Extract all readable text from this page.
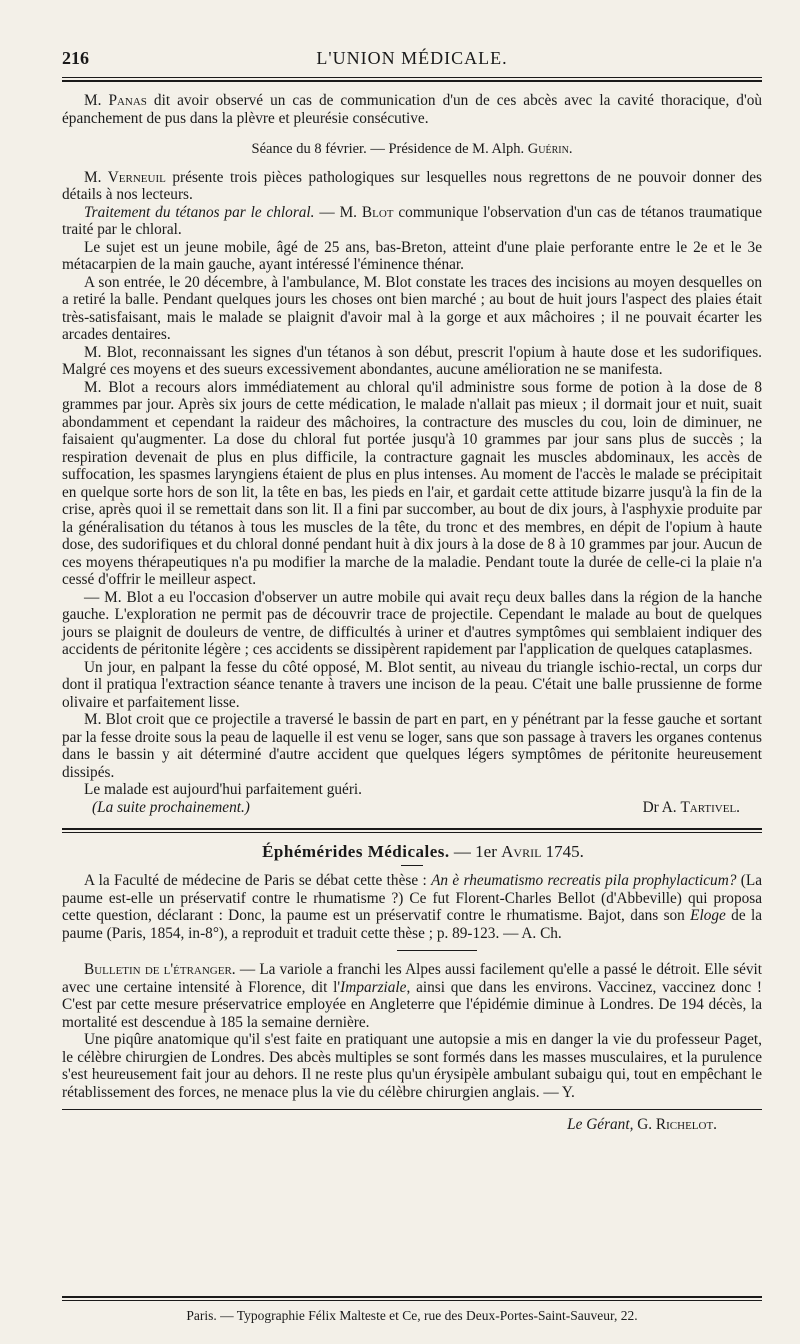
216	L'UNION MÉDICALE.

M. Panas dit avoir observé un cas de communication d'un de ces abcès avec la cavité thoracique, d'où épanchement de pus dans la plèvre et pleurésie consécutive.

Séance du 8 février. — Présidence de M. Alph. Guérin.

M. Verneuil présente trois pièces pathologiques sur lesquelles nous regrettons de ne pouvoir donner des détails à nos lecteurs.

Traitement du tétanos par le chloral. — M. Blot communique l'observation d'un cas de tétanos traumatique traité par le chloral.

Le sujet est un jeune mobile, âgé de 25 ans, bas-Breton, atteint d'une plaie perforante entre le 2e et le 3e métacarpien de la main gauche, ayant intéressé l'éminence thénar.

A son entrée, le 20 décembre, à l'ambulance, M. Blot constate les traces des incisions au moyen desquelles on a retiré la balle. Pendant quelques jours les choses ont bien marché ; au bout de huit jours l'aspect des plaies était très-satisfaisant, mais le malade se plaignit d'avoir mal à la gorge et aux mâchoires ; il ne pouvait écarter les arcades dentaires.

M. Blot, reconnaissant les signes d'un tétanos à son début, prescrit l'opium à haute dose et les sudorifiques. Malgré ces moyens et des sueurs excessivement abondantes, aucune amélioration ne se manifesta.

M. Blot a recours alors immédiatement au chloral qu'il administre sous forme de potion à la dose de 8 grammes par jour. Après six jours de cette médication, le malade n'allait pas mieux ; il dormait jour et nuit, suait abondamment et cependant la raideur des mâchoires, la contracture des muscles du cou, loin de diminuer, ne faisaient qu'augmenter. La dose du chloral fut portée jusqu'à 10 grammes par jour sans plus de succès ; la respiration devenait de plus en plus difficile, la contracture gagnait les muscles abdominaux, les accès de suffocation, les spasmes laryngiens étaient de plus en plus intenses. Au moment de l'accès le malade se précipitait en quelque sorte hors de son lit, la tête en bas, les pieds en l'air, et gardait cette attitude bizarre jusqu'à la fin de la crise, après quoi il se remettait dans son lit. Il a fini par succomber, au bout de dix jours, à l'asphyxie produite par la généralisation du tétanos à tous les muscles de la tête, du tronc et des membres, en dépit de l'opium à haute dose, des sudorifiques et du chloral donné pendant huit à dix jours à la dose de 8 à 10 grammes par jour. Aucun de ces moyens thérapeutiques n'a pu modifier la marche de la maladie. Pendant toute la durée de celle-ci la plaie n'a cessé d'offrir le meilleur aspect.

— M. Blot a eu l'occasion d'observer un autre mobile qui avait reçu deux balles dans la région de la hanche gauche. L'exploration ne permit pas de découvrir trace de projectile. Cependant le malade au bout de quelques jours se plaignit de douleurs de ventre, de difficultés à uriner et d'autres symptômes qui semblaient indiquer des accidents de péritonite légère ; ces accidents se dissipèrent rapidement par l'application de quelques cataplasmes.

Un jour, en palpant la fesse du côté opposé, M. Blot sentit, au niveau du triangle ischio-rectal, un corps dur dont il pratiqua l'extraction séance tenante à travers une incison de la peau. C'était une balle prussienne de forme olivaire et parfaitement lisse.

M. Blot croit que ce projectile a traversé le bassin de part en part, en y pénétrant par la fesse gauche et sortant par la fesse droite sous la peau de laquelle il est venu se loger, sans que son passage à travers les organes contenus dans le bassin y ait déterminé d'autre accident que quelques légers symptômes de péritonite heureusement dissipés.

Le malade est aujourd'hui parfaitement guéri.

(La suite prochainement.)	Dr A. Tartivel.

Éphémérides Médicales. — 1er Avril 1745.

A la Faculté de médecine de Paris se débat cette thèse : An è rheumatismo recreatis pila prophylacticum? (La paume est-elle un préservatif contre le rhumatisme ?) Ce fut Florent-Charles Bellot (d'Abbeville) qui proposa cette question, déclarant : Donc, la paume est un préservatif contre le rhumatisme. Bajot, dans son Eloge de la paume (Paris, 1854, in-8°), a reproduit et traduit cette thèse ; p. 89-123. — A. Ch.

Bulletin de l'étranger. — La variole a franchi les Alpes aussi facilement qu'elle a passé le détroit. Elle sévit avec une certaine intensité à Florence, dit l'Imparziale, ainsi que dans les environs. Vaccinez, vaccinez donc ! C'est par cette mesure préservatrice employée en Angleterre que l'épidémie diminue à Londres. De 194 décès, la mortalité est descendue à 185 la semaine dernière.

Une piqûre anatomique qu'il s'est faite en pratiquant une autopsie a mis en danger la vie du professeur Paget, le célèbre chirurgien de Londres. Des abcès multiples se sont formés dans les masses musculaires, et la purulence s'est heureusement fait jour au dehors. Il ne reste plus qu'un érysipèle ambulant subaigu qui, tout en empêchant le rétablissement des forces, ne menace plus la vie du célèbre chirurgien anglais. — Y.

Le Gérant, G. Richelot.

Paris. — Typographie Félix Malteste et Ce, rue des Deux-Portes-Saint-Sauveur, 22.
